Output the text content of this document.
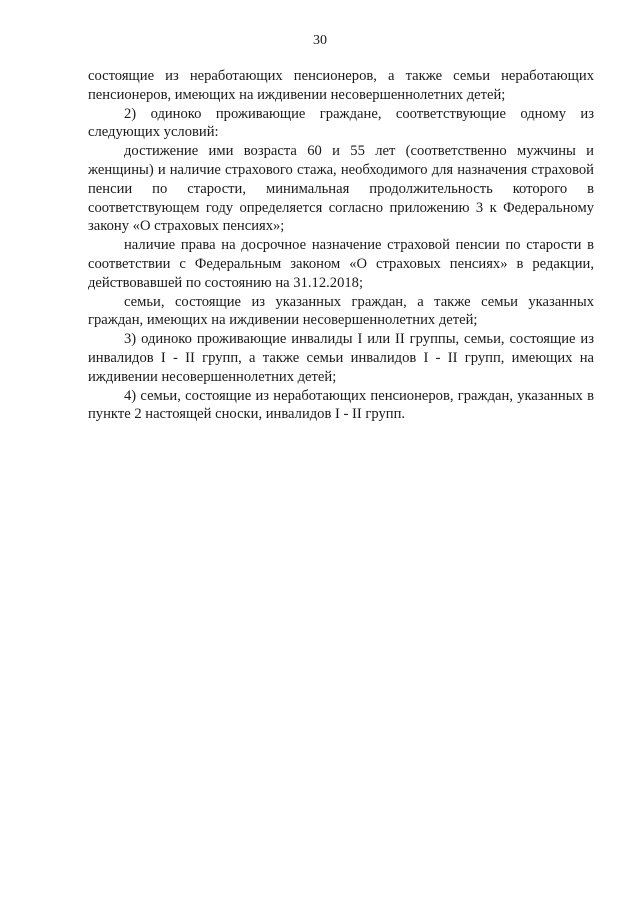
30

состоящие из неработающих пенсионеров, а также семьи неработающих пенсионеров, имеющих на иждивении несовершеннолетних детей;

2) одиноко проживающие граждане, соответствующие одному из следующих условий:

достижение ими возраста 60 и 55 лет (соответственно мужчины и женщины) и наличие страхового стажа, необходимого для назначения страховой пенсии по старости, минимальная продолжительность которого в соответствующем году определяется согласно приложению 3 к Федеральному закону «О страховых пенсиях»;

наличие права на досрочное назначение страховой пенсии по старости в соответствии с Федеральным законом «О страховых пенсиях» в редакции, действовавшей по состоянию на 31.12.2018;

семьи, состоящие из указанных граждан, а также семьи указанных граждан, имеющих на иждивении несовершеннолетних детей;

3) одиноко проживающие инвалиды I или II группы, семьи, состоящие из инвалидов I - II групп, а также семьи инвалидов I - II групп, имеющих на иждивении несовершеннолетних детей;

4) семьи, состоящие из неработающих пенсионеров, граждан, указанных в пункте 2 настоящей сноски, инвалидов I - II групп.
